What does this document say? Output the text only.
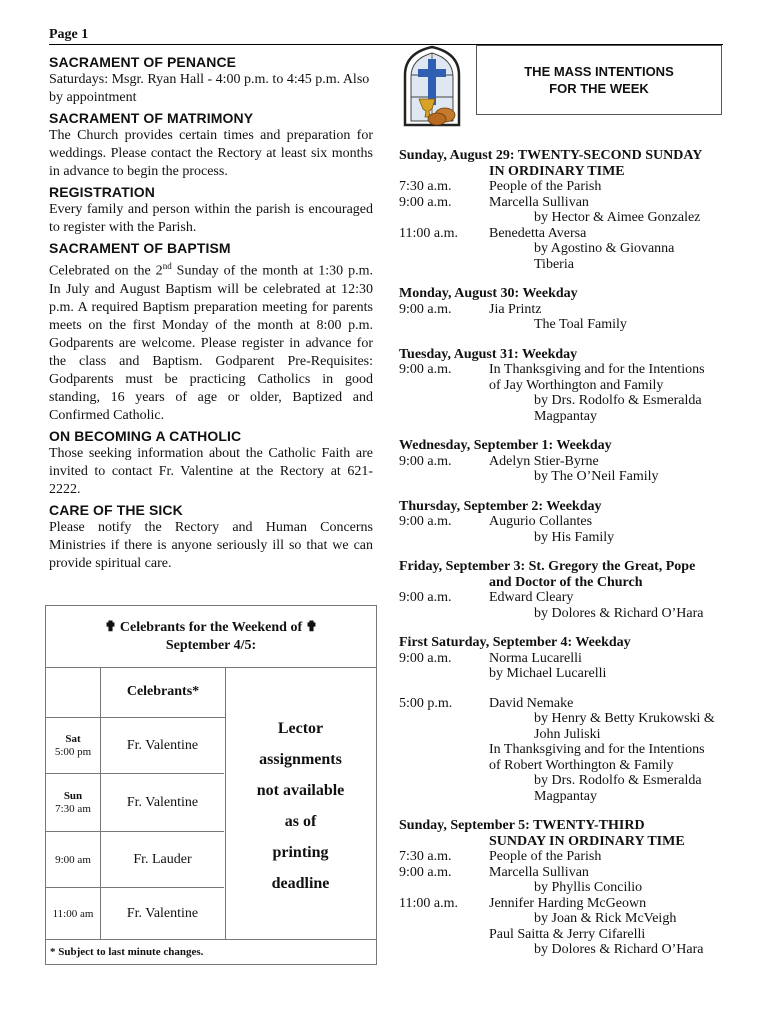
Page 1
SACRAMENT OF PENANCE

Saturdays: Msgr. Ryan Hall - 4:00 p.m. to 4:45 p.m. Also by appointment

SACRAMENT OF MATRIMONY

The Church provides certain times and preparation for weddings. Please contact the Rectory at least six months in advance to begin the process.

REGISTRATION

Every family and person within the parish is encouraged to register with the Parish.

SACRAMENT OF BAPTISM

Celebrated on the 2nd Sunday of the month at 1:30 p.m. In July and August Baptism will be celebrated at 12:30 p.m. A required Baptism preparation meeting for parents meets on the first Monday of the month at 8:00 p.m. Godparents are welcome. Please register in advance for the class and Baptism. Godparent Pre-Requisites: Godparents must be practicing Catholics in good standing, 16 years of age or older, Baptized and Confirmed Catholic.

ON BECOMING A CATHOLIC

Those seeking information about the Catholic Faith are invited to contact Fr. Valentine at the Rectory at 621-2222.

CARE OF THE SICK

Please notify the Rectory and Human Concerns Ministries if there is anyone seriously ill so that we can provide spiritual care.

THE MASS INTENTIONS
FOR THE WEEK
Sunday, August 29: TWENTY-SECOND SUNDAY
IN ORDINARY TIME
7:30 a.m.	People of the Parish
9:00 a.m.	Marcella Sullivan
by Hector & Aimee Gonzalez
11:00 a.m.	Benedetta Aversa
by Agostino & Giovanna
Tiberia
Monday, August 30: Weekday
9:00 a.m.	Jia Printz
The Toal Family
Tuesday, August 31: Weekday
9:00 a.m.	In Thanksgiving and for the Intentions
of Jay Worthington and Family
by Drs. Rodolfo & Esmeralda
Magpantay
Wednesday, September 1: Weekday
9:00 a.m.	Adelyn Stier-Byrne
by The O’Neil Family
Thursday, September 2: Weekday
9:00 a.m.	Augurio Collantes
by His Family
Friday, September 3: St. Gregory the Great, Pope
and Doctor of the Church
9:00 a.m.	Edward Cleary
by Dolores & Richard O’Hara
First Saturday, September 4: Weekday
9:00 a.m.	Norma Lucarelli
by Michael Lucarelli
5:00 p.m.	David Nemake
by Henry & Betty Krukowski &
John Juliski
In Thanksgiving and for the Intentions
of Robert Worthington & Family
by Drs. Rodolfo & Esmeralda
Magpantay
Sunday, September 5: TWENTY-THIRD
SUNDAY IN ORDINARY TIME
7:30 a.m.	People of the Parish
9:00 a.m.	Marcella Sullivan
by Phyllis Concilio
11:00 a.m.	Jennifer Harding McGeown
by Joan & Rick McVeigh
Paul Saitta & Jerry Cifarelli
by Dolores & Richard O’Hara
✟ Celebrants for the Weekend of ✟
September 4/5:
Celebrants*
Sat
5:00 pm	Fr. Valentine
Sun
7:30 am	Fr. Valentine
9:00 am	Fr. Lauder
11:00 am	Fr. Valentine
Lector
assignments
not available
as of
printing
deadline
* Subject to last minute changes.
